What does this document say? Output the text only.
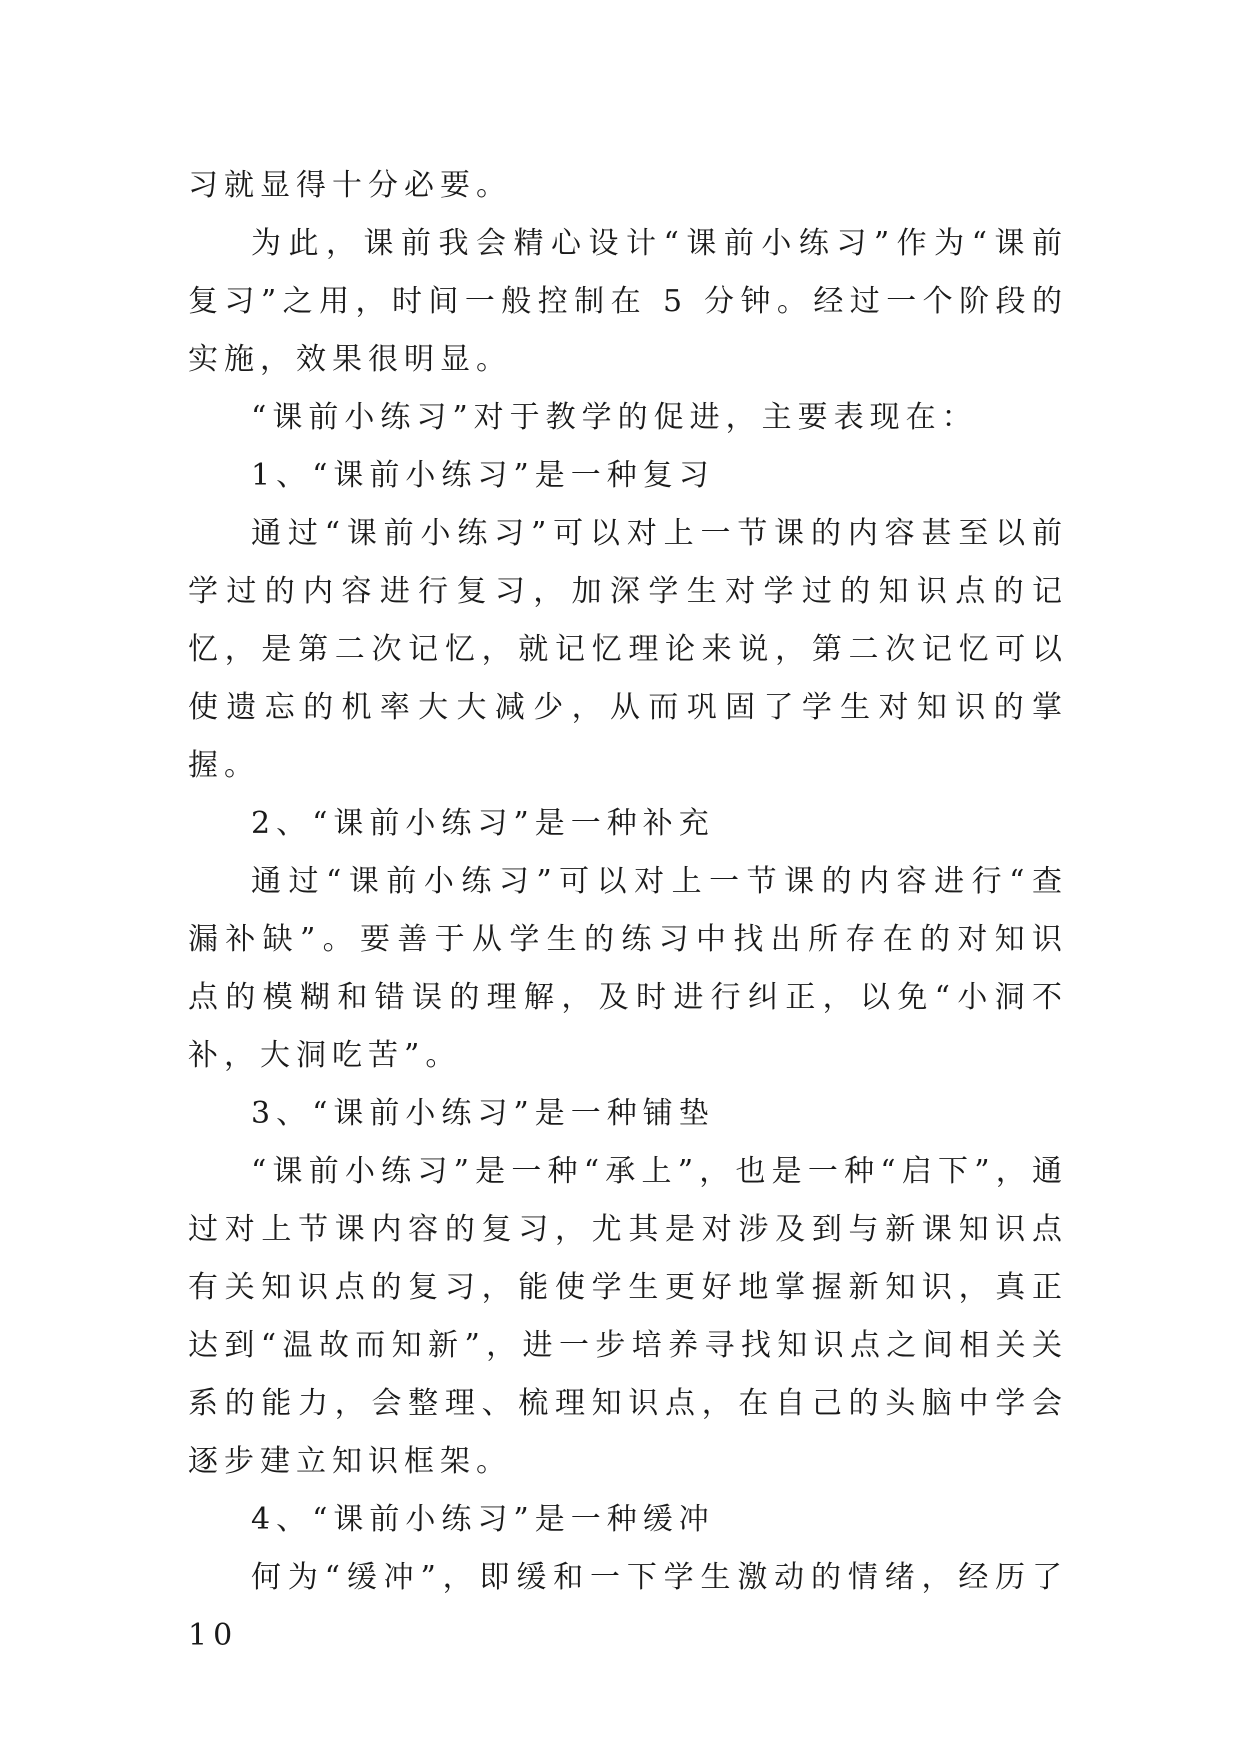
习就显得十分必要。

为此，课前我会精心设计“课前小练习”作为“课前复习”之用，时间一般控制在 5 分钟。经过一个阶段的实施，效果很明显。

“课前小练习”对于教学的促进，主要表现在：

1、“课前小练习”是一种复习

通过“课前小练习”可以对上一节课的内容甚至以前学过的内容进行复习，加深学生对学过的知识点的记忆，是第二次记忆，就记忆理论来说，第二次记忆可以使遗忘的机率大大减少，从而巩固了学生对知识的掌握。

2、“课前小练习”是一种补充

通过“课前小练习”可以对上一节课的内容进行“查漏补缺”。要善于从学生的练习中找出所存在的对知识点的模糊和错误的理解，及时进行纠正，以免“小洞不补，大洞吃苦”。

3、“课前小练习”是一种铺垫

“课前小练习”是一种“承上”，也是一种“启下”，通过对上节课内容的复习，尤其是对涉及到与新课知识点有关知识点的复习，能使学生更好地掌握新知识，真正达到“温故而知新”，进一步培养寻找知识点之间相关关系的能力，会整理、梳理知识点，在自己的头脑中学会逐步建立知识框架。

4、“课前小练习”是一种缓冲

何为“缓冲”，即缓和一下学生激动的情绪，经历了 10
